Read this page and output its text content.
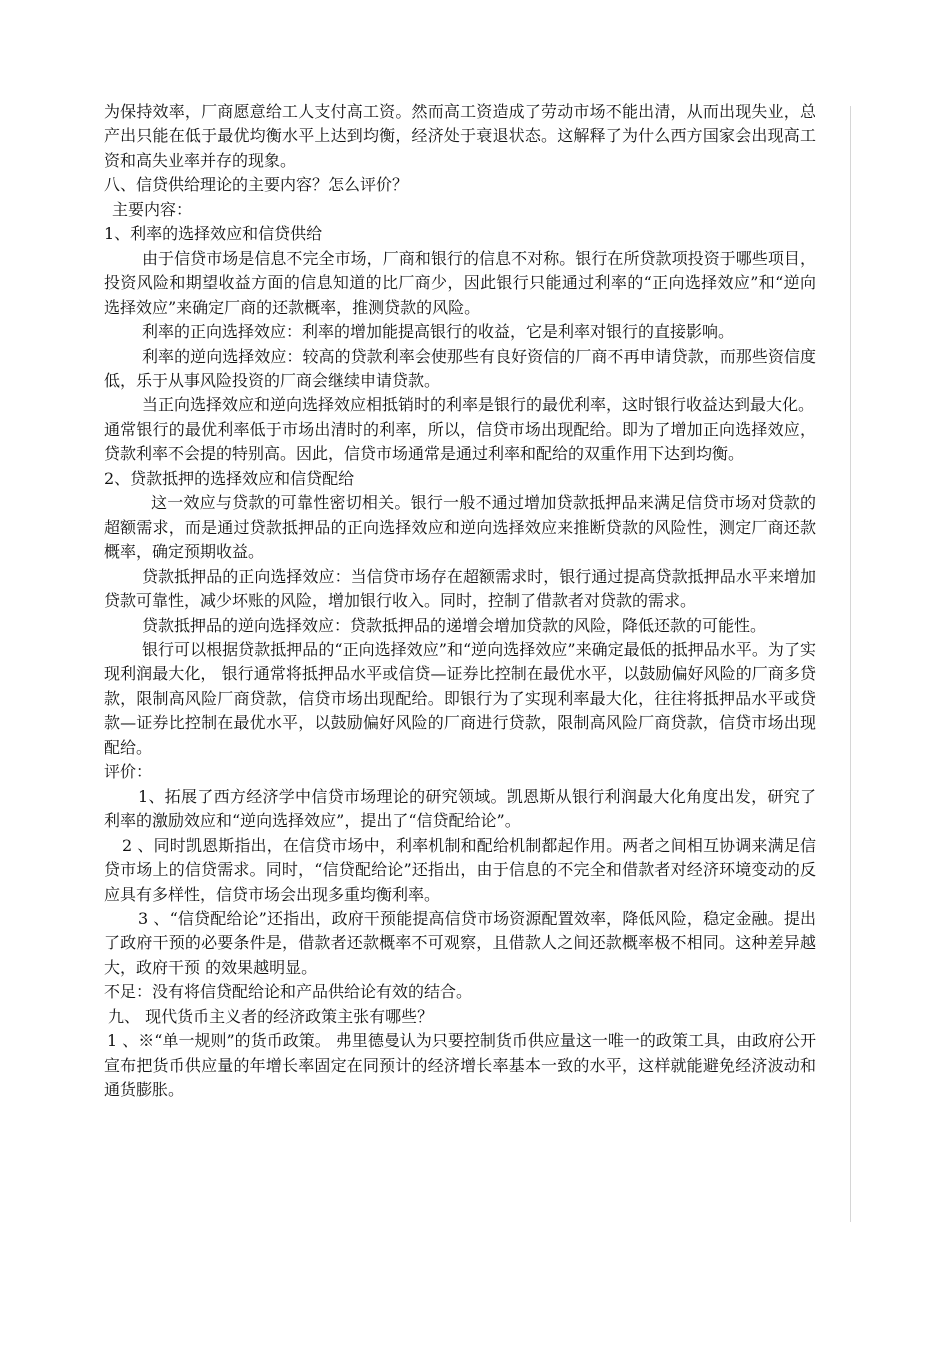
为保持效率，厂商愿意给工人支付高工资。然而高工资造成了劳动市场不能出清，从而出现失业，总产出只能在低于最优均衡水平上达到均衡，经济处于衰退状态。这解释了为什么西方国家会出现高工资和高失业率并存的现象。

八、信贷供给理论的主要内容？怎么评价？

主要内容：

1、利率的选择效应和信贷供给

由于信贷市场是信息不完全市场，厂商和银行的信息不对称。银行在所贷款项投资于哪些项目，投资风险和期望收益方面的信息知道的比厂商少，因此银行只能通过利率的“正向选择效应”和“逆向选择效应”来确定厂商的还款概率，推测贷款的风险。

利率的正向选择效应：利率的增加能提高银行的收益，它是利率对银行的直接影响。

利率的逆向选择效应：较高的贷款利率会使那些有良好资信的厂商不再申请贷款，而那些资信度低，乐于从事风险投资的厂商会继续申请贷款。

当正向选择效应和逆向选择效应相抵销时的利率是银行的最优利率，这时银行收益达到最大化。

通常银行的最优利率低于市场出清时的利率，所以，信贷市场出现配给。即为了增加正向选择效应，贷款利率不会提的特别高。因此，信贷市场通常是通过利率和配给的双重作用下达到均衡。

2、贷款抵押的选择效应和信贷配给

这一效应与贷款的可靠性密切相关。银行一般不通过增加贷款抵押品来满足信贷市场对贷款的超额需求，而是通过贷款抵押品的正向选择效应和逆向选择效应来推断贷款的风险性，测定厂商还款概率，确定预期收益。

贷款抵押品的正向选择效应：当信贷市场存在超额需求时，银行通过提高贷款抵押品水平来增加贷款可靠性，减少坏账的风险，增加银行收入。同时，控制了借款者对贷款的需求。

贷款抵押品的逆向选择效应：贷款抵押品的递增会增加贷款的风险，降低还款的可能性。

银行可以根据贷款抵押品的“正向选择效应”和“逆向选择效应”来确定最低的抵押品水平。为了实现利润最大化， 银行通常将抵押品水平或信贷—证券比控制在最优水平，以鼓励偏好风险的厂商多贷款，限制高风险厂商贷款，信贷市场出现配给。即银行为了实现利率最大化，往往将抵押品水平或贷款—证券比控制在最优水平，以鼓励偏好风险的厂商进行贷款，限制高风险厂商贷款，信贷市场出现配给。

评价：

1、拓展了西方经济学中信贷市场理论的研究领域。凯恩斯从银行利润最大化角度出发，研究了利率的激励效应和“逆向选择效应”，提出了“信贷配给论”。

2 、同时凯恩斯指出，在信贷市场中，利率机制和配给机制都起作用。两者之间相互协调来满足信贷市场上的信贷需求。同时，“信贷配给论”还指出，由于信息的不完全和借款者对经济环境变动的反应具有多样性，信贷市场会出现多重均衡利率。

3 、“信贷配给论”还指出，政府干预能提高信贷市场资源配置效率，降低风险，稳定金融。提出了政府干预的必要条件是，借款者还款概率不可观察，且借款人之间还款概率极不相同。这种差异越大，政府干预 的效果越明显。

不足：没有将信贷配给论和产品供给论有效的结合。

九、 现代货币主义者的经济政策主张有哪些？

1 、※“单一规则”的货币政策。 弗里德曼认为只要控制货币供应量这一唯一的政策工具，由政府公开宣布把货币供应量的年增长率固定在同预计的经济增长率基本一致的水平，这样就能避免经济波动和通货膨胀。
